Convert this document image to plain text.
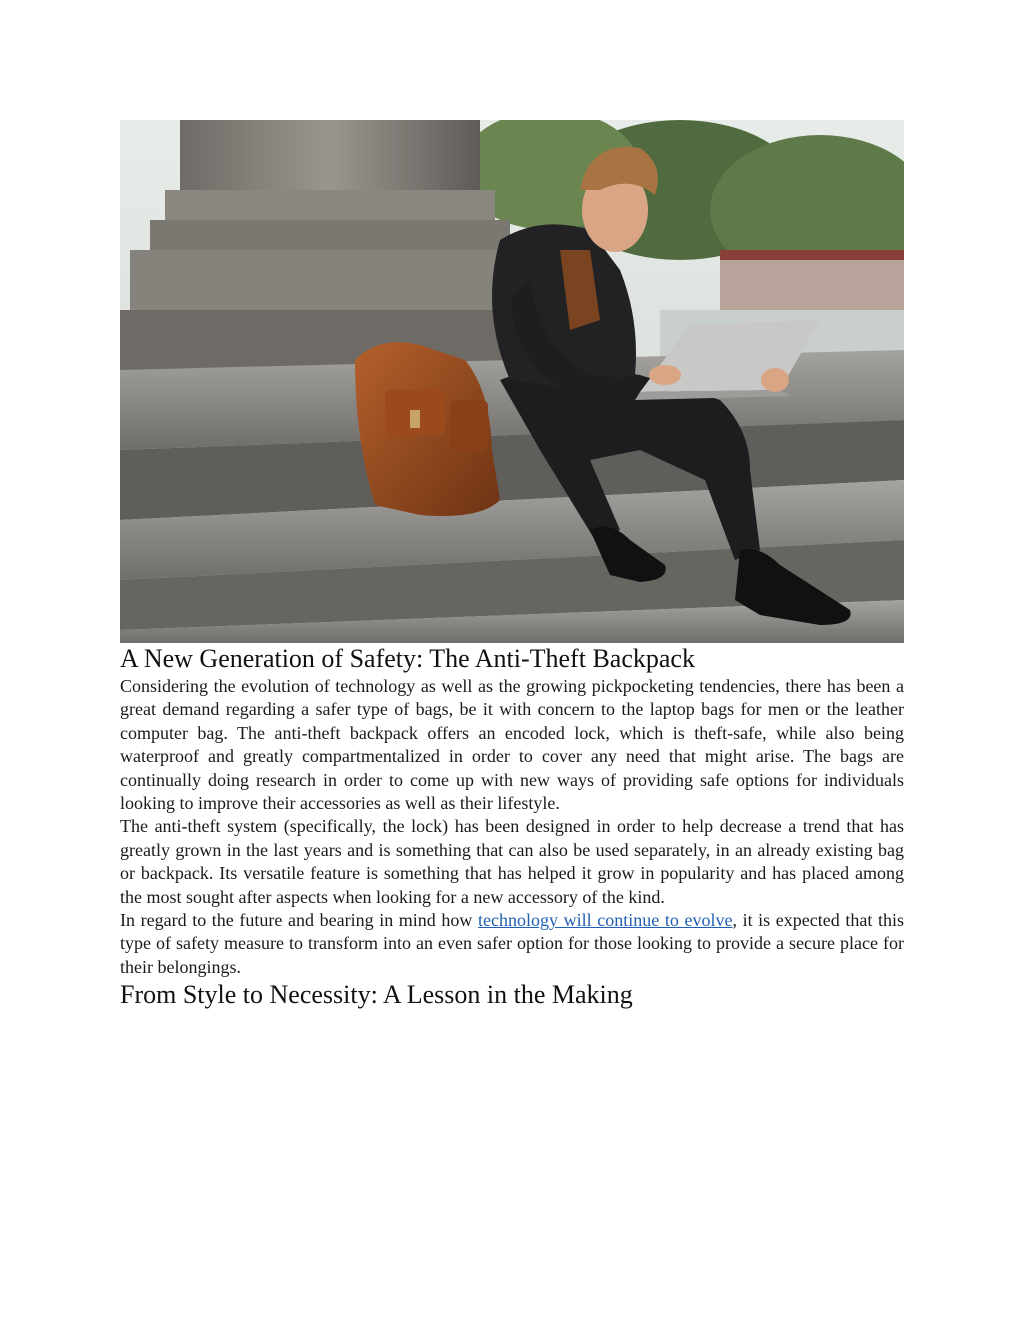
A New Generation of Safety: The Anti-Theft Backpack

Considering the evolution of technology as well as the growing pickpocketing tendencies, there has been a great demand regarding a safer type of bags, be it with concern to the laptop bags for men or the leather computer bag. The anti-theft backpack offers an encoded lock, which is theft-safe, while also being waterproof and greatly compartmentalized in order to cover any need that might arise. The bags are continually doing research in order to come up with new ways of providing safe options for individuals looking to improve their accessories as well as their lifestyle.

The anti-theft system (specifically, the lock) has been designed in order to help decrease a trend that has greatly grown in the last years and is something that can also be used separately, in an already existing bag or backpack. Its versatile feature is something that has helped it grow in popularity and has placed among the most sought after aspects when looking for a new accessory of the kind.

In regard to the future and bearing in mind how technology will continue to evolve, it is expected that this type of safety measure to transform into an even safer option for those looking to provide a secure place for their belongings.

From Style to Necessity: A Lesson in the Making
